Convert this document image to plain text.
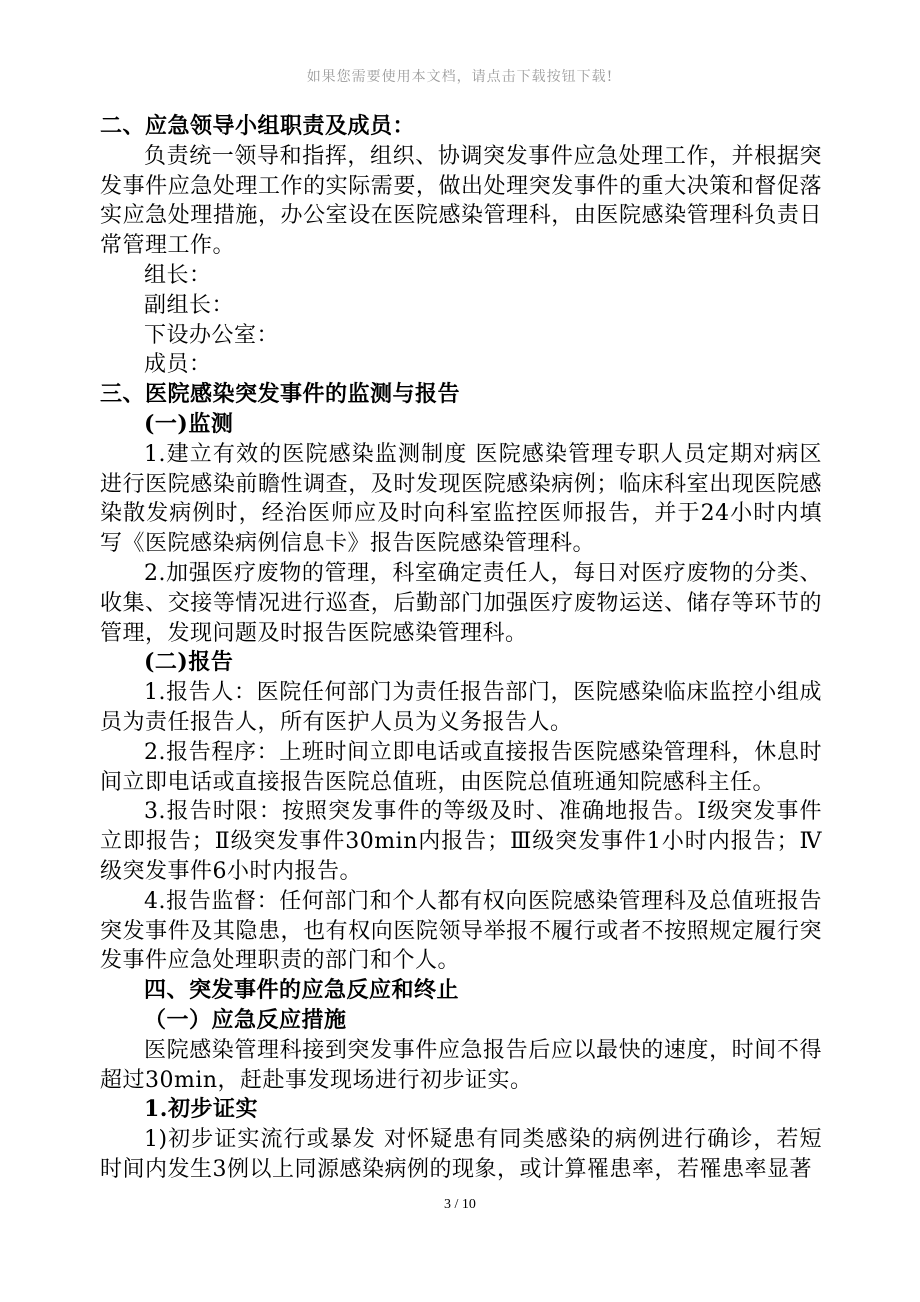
如果您需要使用本文档，请点击下载按钮下载!

二、应急领导小组职责及成员：

负责统一领导和指挥，组织、协调突发事件应急处理工作，并根据突发事件应急处理工作的实际需要，做出处理突发事件的重大决策和督促落实应急处理措施，办公室设在医院感染管理科，由医院感染管理科负责日常管理工作。

组长：

副组长：

下设办公室：

成员：

三、医院感染突发事件的监测与报告

(一)监测

1.建立有效的医院感染监测制度 医院感染管理专职人员定期对病区进行医院感染前瞻性调查，及时发现医院感染病例；临床科室出现医院感染散发病例时，经治医师应及时向科室监控医师报告，并于24小时内填写《医院感染病例信息卡》报告医院感染管理科。

2.加强医疗废物的管理，科室确定责任人，每日对医疗废物的分类、收集、交接等情况进行巡查，后勤部门加强医疗废物运送、储存等环节的管理，发现问题及时报告医院感染管理科。

(二)报告

1.报告人：医院任何部门为责任报告部门，医院感染临床监控小组成员为责任报告人，所有医护人员为义务报告人。

2.报告程序：上班时间立即电话或直接报告医院感染管理科，休息时间立即电话或直接报告医院总值班，由医院总值班通知院感科主任。

3.报告时限：按照突发事件的等级及时、准确地报告。Ⅰ级突发事件立即报告；Ⅱ级突发事件30min内报告；Ⅲ级突发事件1小时内报告；Ⅳ级突发事件6小时内报告。

4.报告监督：任何部门和个人都有权向医院感染管理科及总值班报告突发事件及其隐患，也有权向医院领导举报不履行或者不按照规定履行突发事件应急处理职责的部门和个人。

四、突发事件的应急反应和终止

（一）应急反应措施

医院感染管理科接到突发事件应急报告后应以最快的速度，时间不得超过30min，赶赴事发现场进行初步证实。

1.初步证实

1)初步证实流行或暴发 对怀疑患有同类感染的病例进行确诊，若短时间内发生3例以上同源感染病例的现象，或计算罹患率，若罹患率显著

3 / 10
